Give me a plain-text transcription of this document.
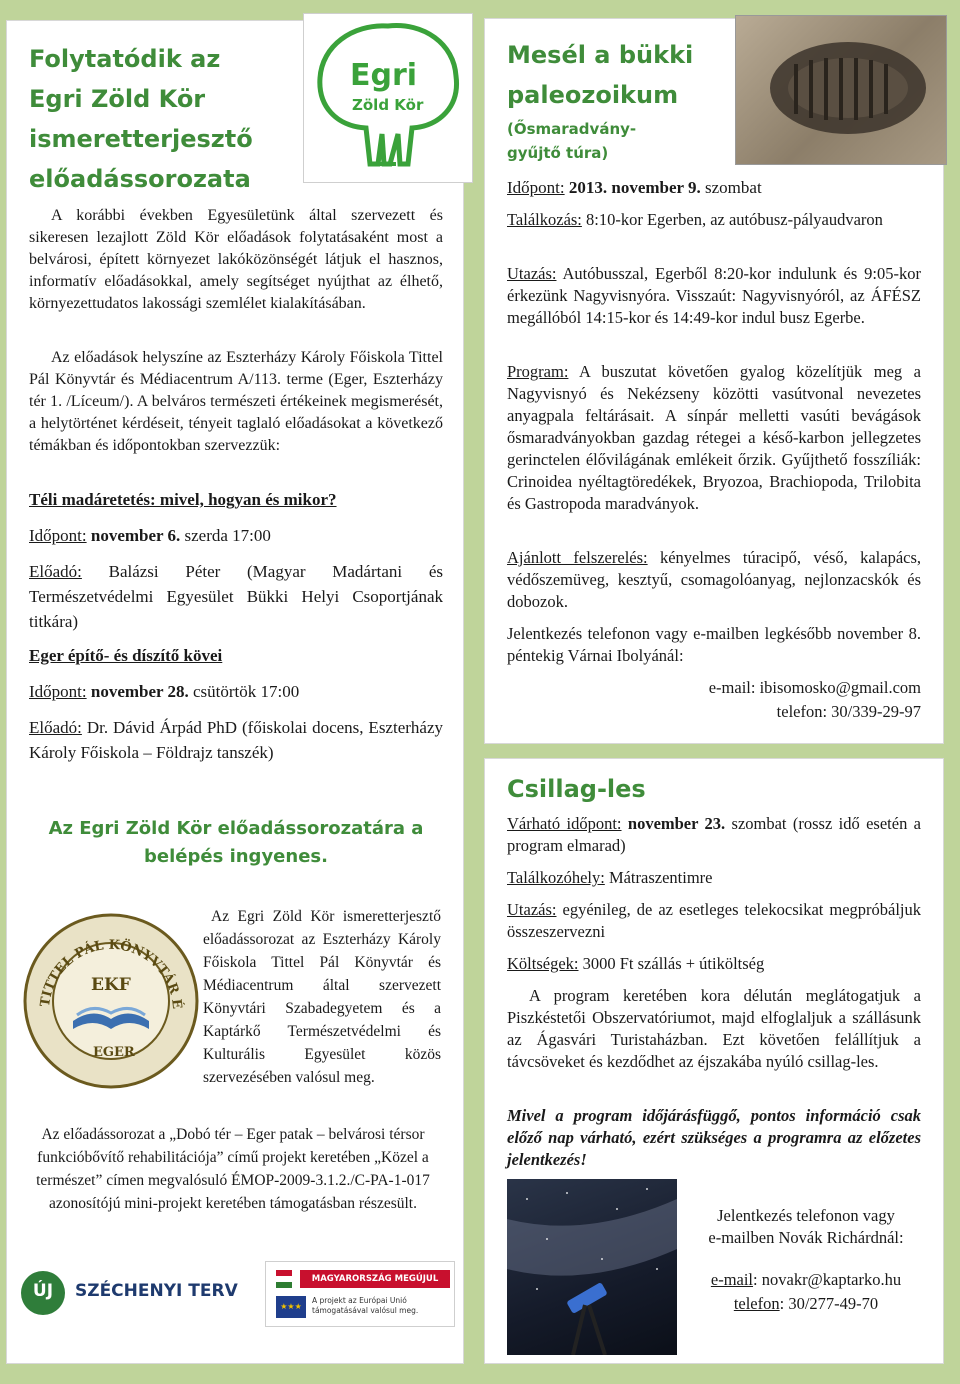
Folytatódik az
Egri Zöld Kör
ismeretterjesztő
előadássorozata
Egri
Zöld Kör
A korábbi években Egyesületünk által szervezett és sikeresen lezajlott Zöld Kör előadások folytatásaként most a belvárosi, épített környezet lakóközönségét látjuk el hasznos, informatív előadásokkal, amely segítséget nyújthat az élhető, környezettudatos lakossági szemlélet kialakításában.
Az előadások helyszíne az Eszterházy Károly Főiskola Tittel Pál Könyvtár és Médiacentrum A/113. terme (Eger, Eszterházy tér 1. /Líceum/). A belváros természeti értékeinek megismerését, a helytörténet kérdéseit, tényeit taglaló előadásokat a következő témákban és időpontokban szervezzük:
Téli madáretetés: mivel, hogyan és mikor?
Időpont: november 6. szerda 17:00
Előadó: Balázsi Péter (Magyar Madártani és Természetvédelmi Egyesület Bükki Helyi Csoportjának titkára)
Eger építő- és díszítő kövei
Időpont: november 28. csütörtök 17:00
Előadó: Dr. Dávid Árpád PhD (főiskolai docens, Eszterházy Károly Főiskola – Földrajz tanszék)
Az Egri Zöld Kör előadássorozatára a belépés ingyenes.
TITTEL PÁL KÖNYVTÁR É
EKF
EGER
Az Egri Zöld Kör ismeretterjesztő előadássorozat az Eszterházy Károly Főiskola Tittel Pál Könyvtár és Médiacentrum által szervezett Könyvtári Szabadegyetem és a Kaptárkő Természetvédelmi és Kulturális Egyesület közös szervezésében valósul meg.
Az előadássorozat a „Dobó tér – Eger patak – belvárosi térsor funkcióbővítő rehabilitációja” című projekt keretében „Közel a természet” címen megvalósuló ÉMOP-2009-3.1.2./C-PA-1-017 azonosítójú mini-projekt keretében támogatásban részesült.
ÚJ	SZÉCHENYI TERV
MAGYARORSZÁG MEGÚJUL
★★★
A projekt az Európai Unió támogatásával valósul meg.
Mesél a bükki
paleozoikum
(Ősmaradvány-
gyűjtő túra)
Időpont: 2013. november 9. szombat
Találkozás: 8:10-kor Egerben, az autóbusz-pályaudvaron
Utazás: Autóbusszal, Egerből 8:20-kor indulunk és 9:05-kor érkezünk Nagyvisnyóra. Visszaút: Nagyvisnyóról, az ÁFÉSZ megállóból 14:15-kor és 14:49-kor indul busz Egerbe.
Program: A buszutat követően gyalog közelítjük meg a Nagyvisnyó és Nekézseny közötti vasútvonal nevezetes anyagpala feltárásait. A sínpár melletti vasúti bevágások ősmaradványokban gazdag rétegei a késő-karbon jellegzetes gerinctelen élővilágának emlékeit őrzik. Gyűjthető fosszíliák: Crinoidea nyéltagtöredékek, Bryozoa, Brachiopoda, Trilobita és Gastropoda maradványok.
Ajánlott felszerelés: kényelmes túracipő, véső, kalapács, védőszemüveg, kesztyű, csomagolóanyag, nejlonzacskók és dobozok.
Jelentkezés telefonon vagy e-mailben legkésőbb november 8. péntekig Várnai Ibolyánál:
e-mail: ibisomosko@gmail.com
telefon: 30/339-29-97
Csillag-les
Várható időpont: november 23. szombat (rossz idő esetén a program elmarad)
Találkozóhely: Mátraszentimre
Utazás: egyénileg, de az esetleges telekocsikat megpróbáljuk összeszervezni
Költségek: 3000 Ft szállás + útiköltség
A program keretében kora délután meglátogatjuk a Piszkéstetői Obszervatóriumot, majd elfoglaljuk a szállásunk az Ágasvári Turistaházban. Ezt követően felállítjuk a távcsöveket és kezdődhet az éjszakába nyúló csillag-les.
Mivel a program időjárásfüggő, pontos információ csak előző nap várható, ezért szükséges a programra az előzetes jelentkezés!
Jelentkezés telefonon vagy
e-mailben Novák Richárdnál:
e-mail: novakr@kaptarko.hu
telefon: 30/277-49-70
